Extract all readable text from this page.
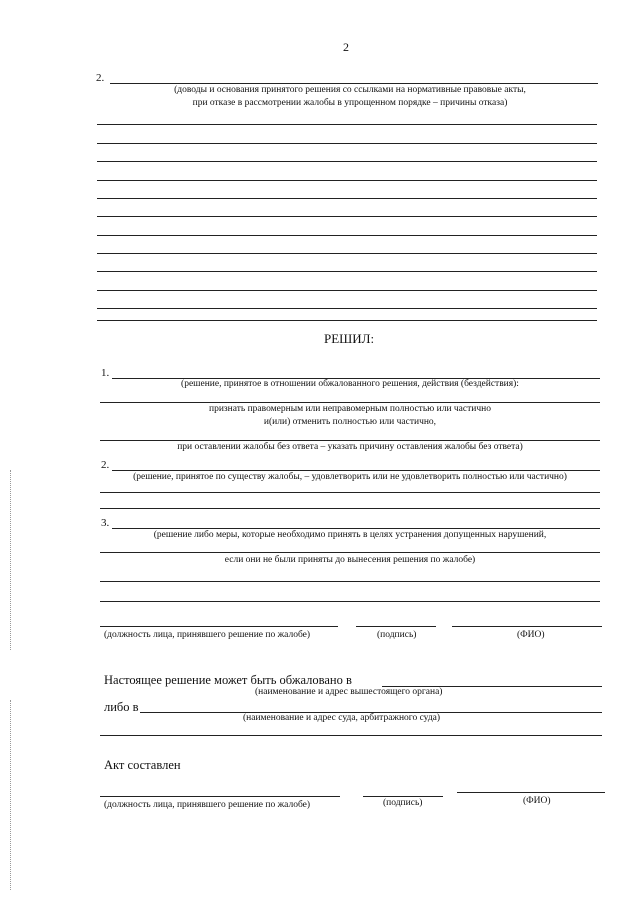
2
2.
(доводы и основания принятого решения со ссылками на нормативные правовые акты,
при отказе в рассмотрении жалобы в упрощенном порядке – причины отказа)
РЕШИЛ:
1.
(решение, принятое в отношении обжалованного решения, действия (бездействия):
признать правомерным или неправомерным полностью или частично
и(или) отменить полностью или частично,
при оставлении жалобы без ответа – указать причину оставления жалобы без ответа)
2.
(решение, принятое по существу жалобы, – удовлетворить или не удовлетворить полностью или частично)
3.
(решение либо меры, которые необходимо принять в целях устранения допущенных нарушений,
если они не были приняты до вынесения решения по жалобе)
(должность лица, принявшего решение по жалобе)	(подпись)	(ФИО)
Настоящее решение может быть обжаловано в
(наименование и адрес вышестоящего органа)
либо в
(наименование и адрес суда, арбитражного суда)
Акт составлен
(должность лица, принявшего решение по жалобе)	(подпись)	(ФИО)
